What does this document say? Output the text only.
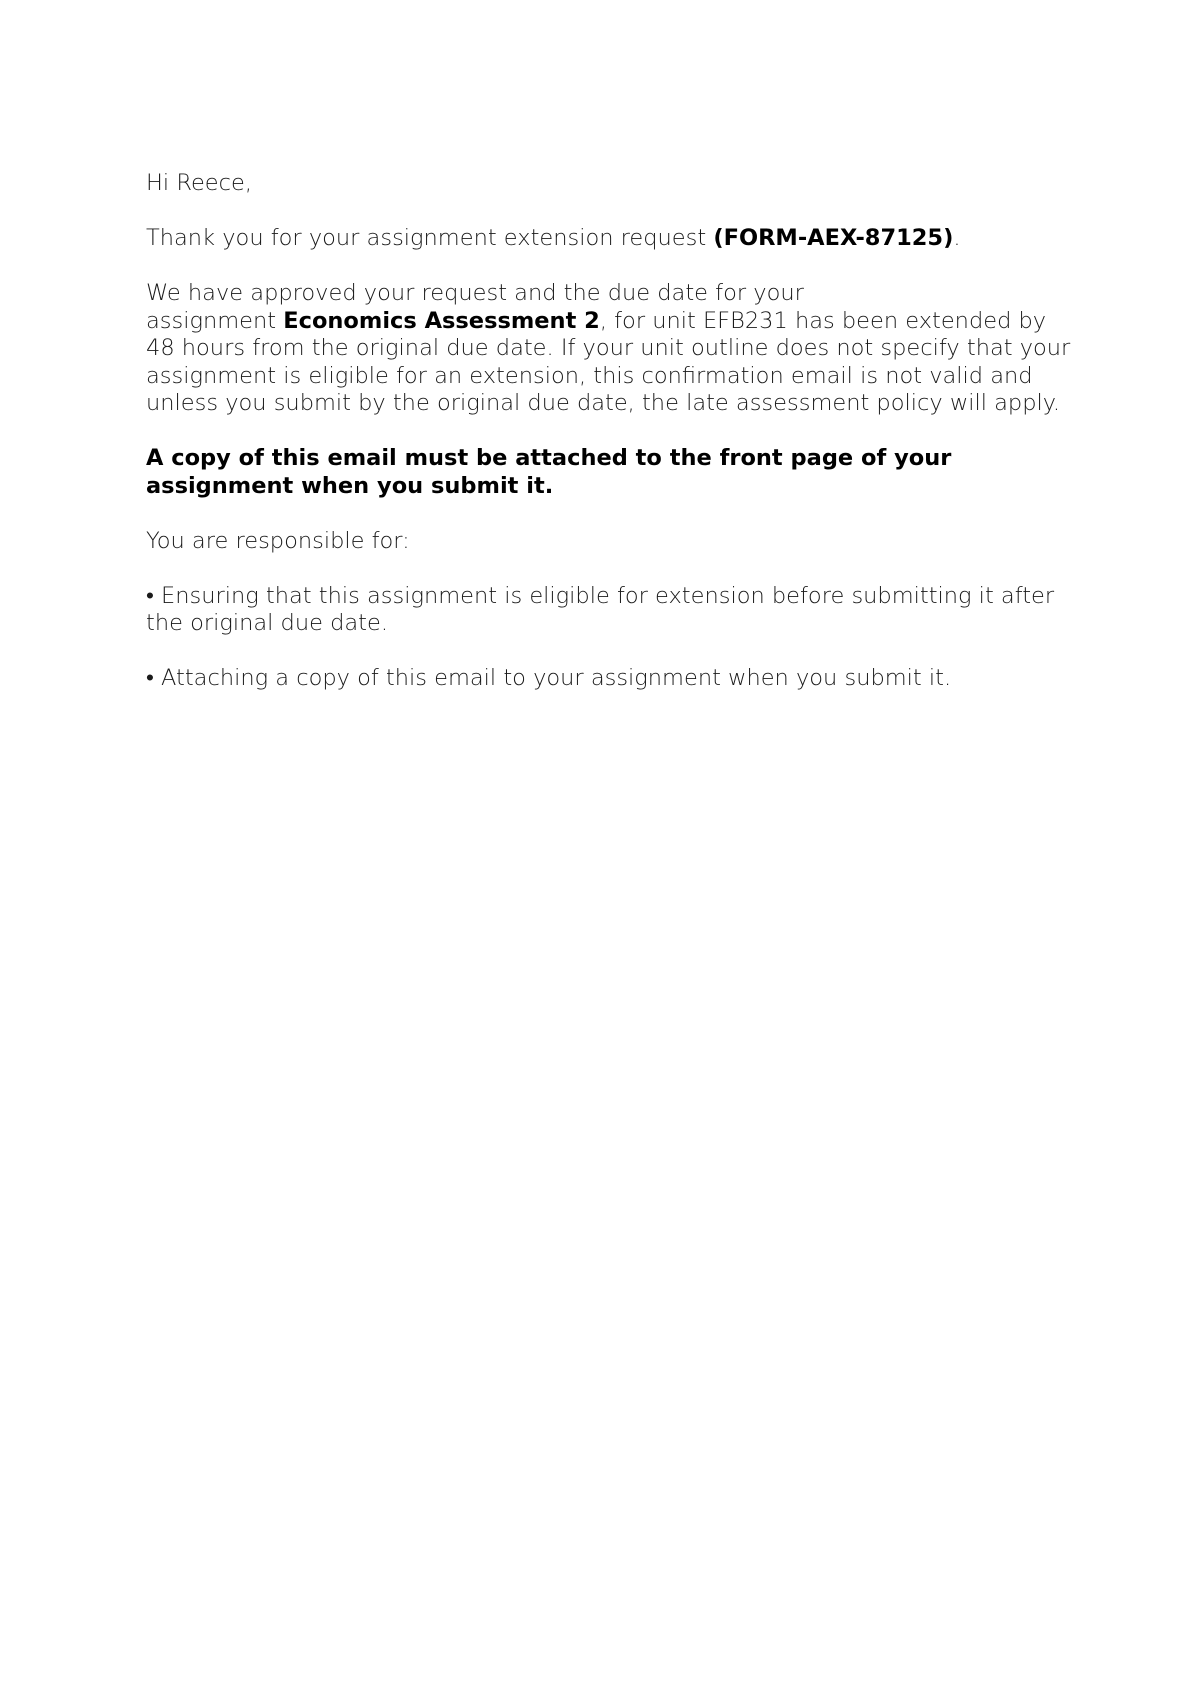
Hi Reece,

Thank you for your assignment extension request (FORM-AEX-87125).

We have approved your request and the due date for your
assignment Economics Assessment 2, for unit EFB231 has been extended by 48 hours from the original due date. If your unit outline does not specify that your assignment is eligible for an extension, this confirmation email is not valid and unless you submit by the original due date, the late assessment policy will apply.

A copy of this email must be attached to the front page of your assignment when you submit it.

You are responsible for:

• Ensuring that this assignment is eligible for extension before submitting it after the original due date.

• Attaching a copy of this email to your assignment when you submit it.
